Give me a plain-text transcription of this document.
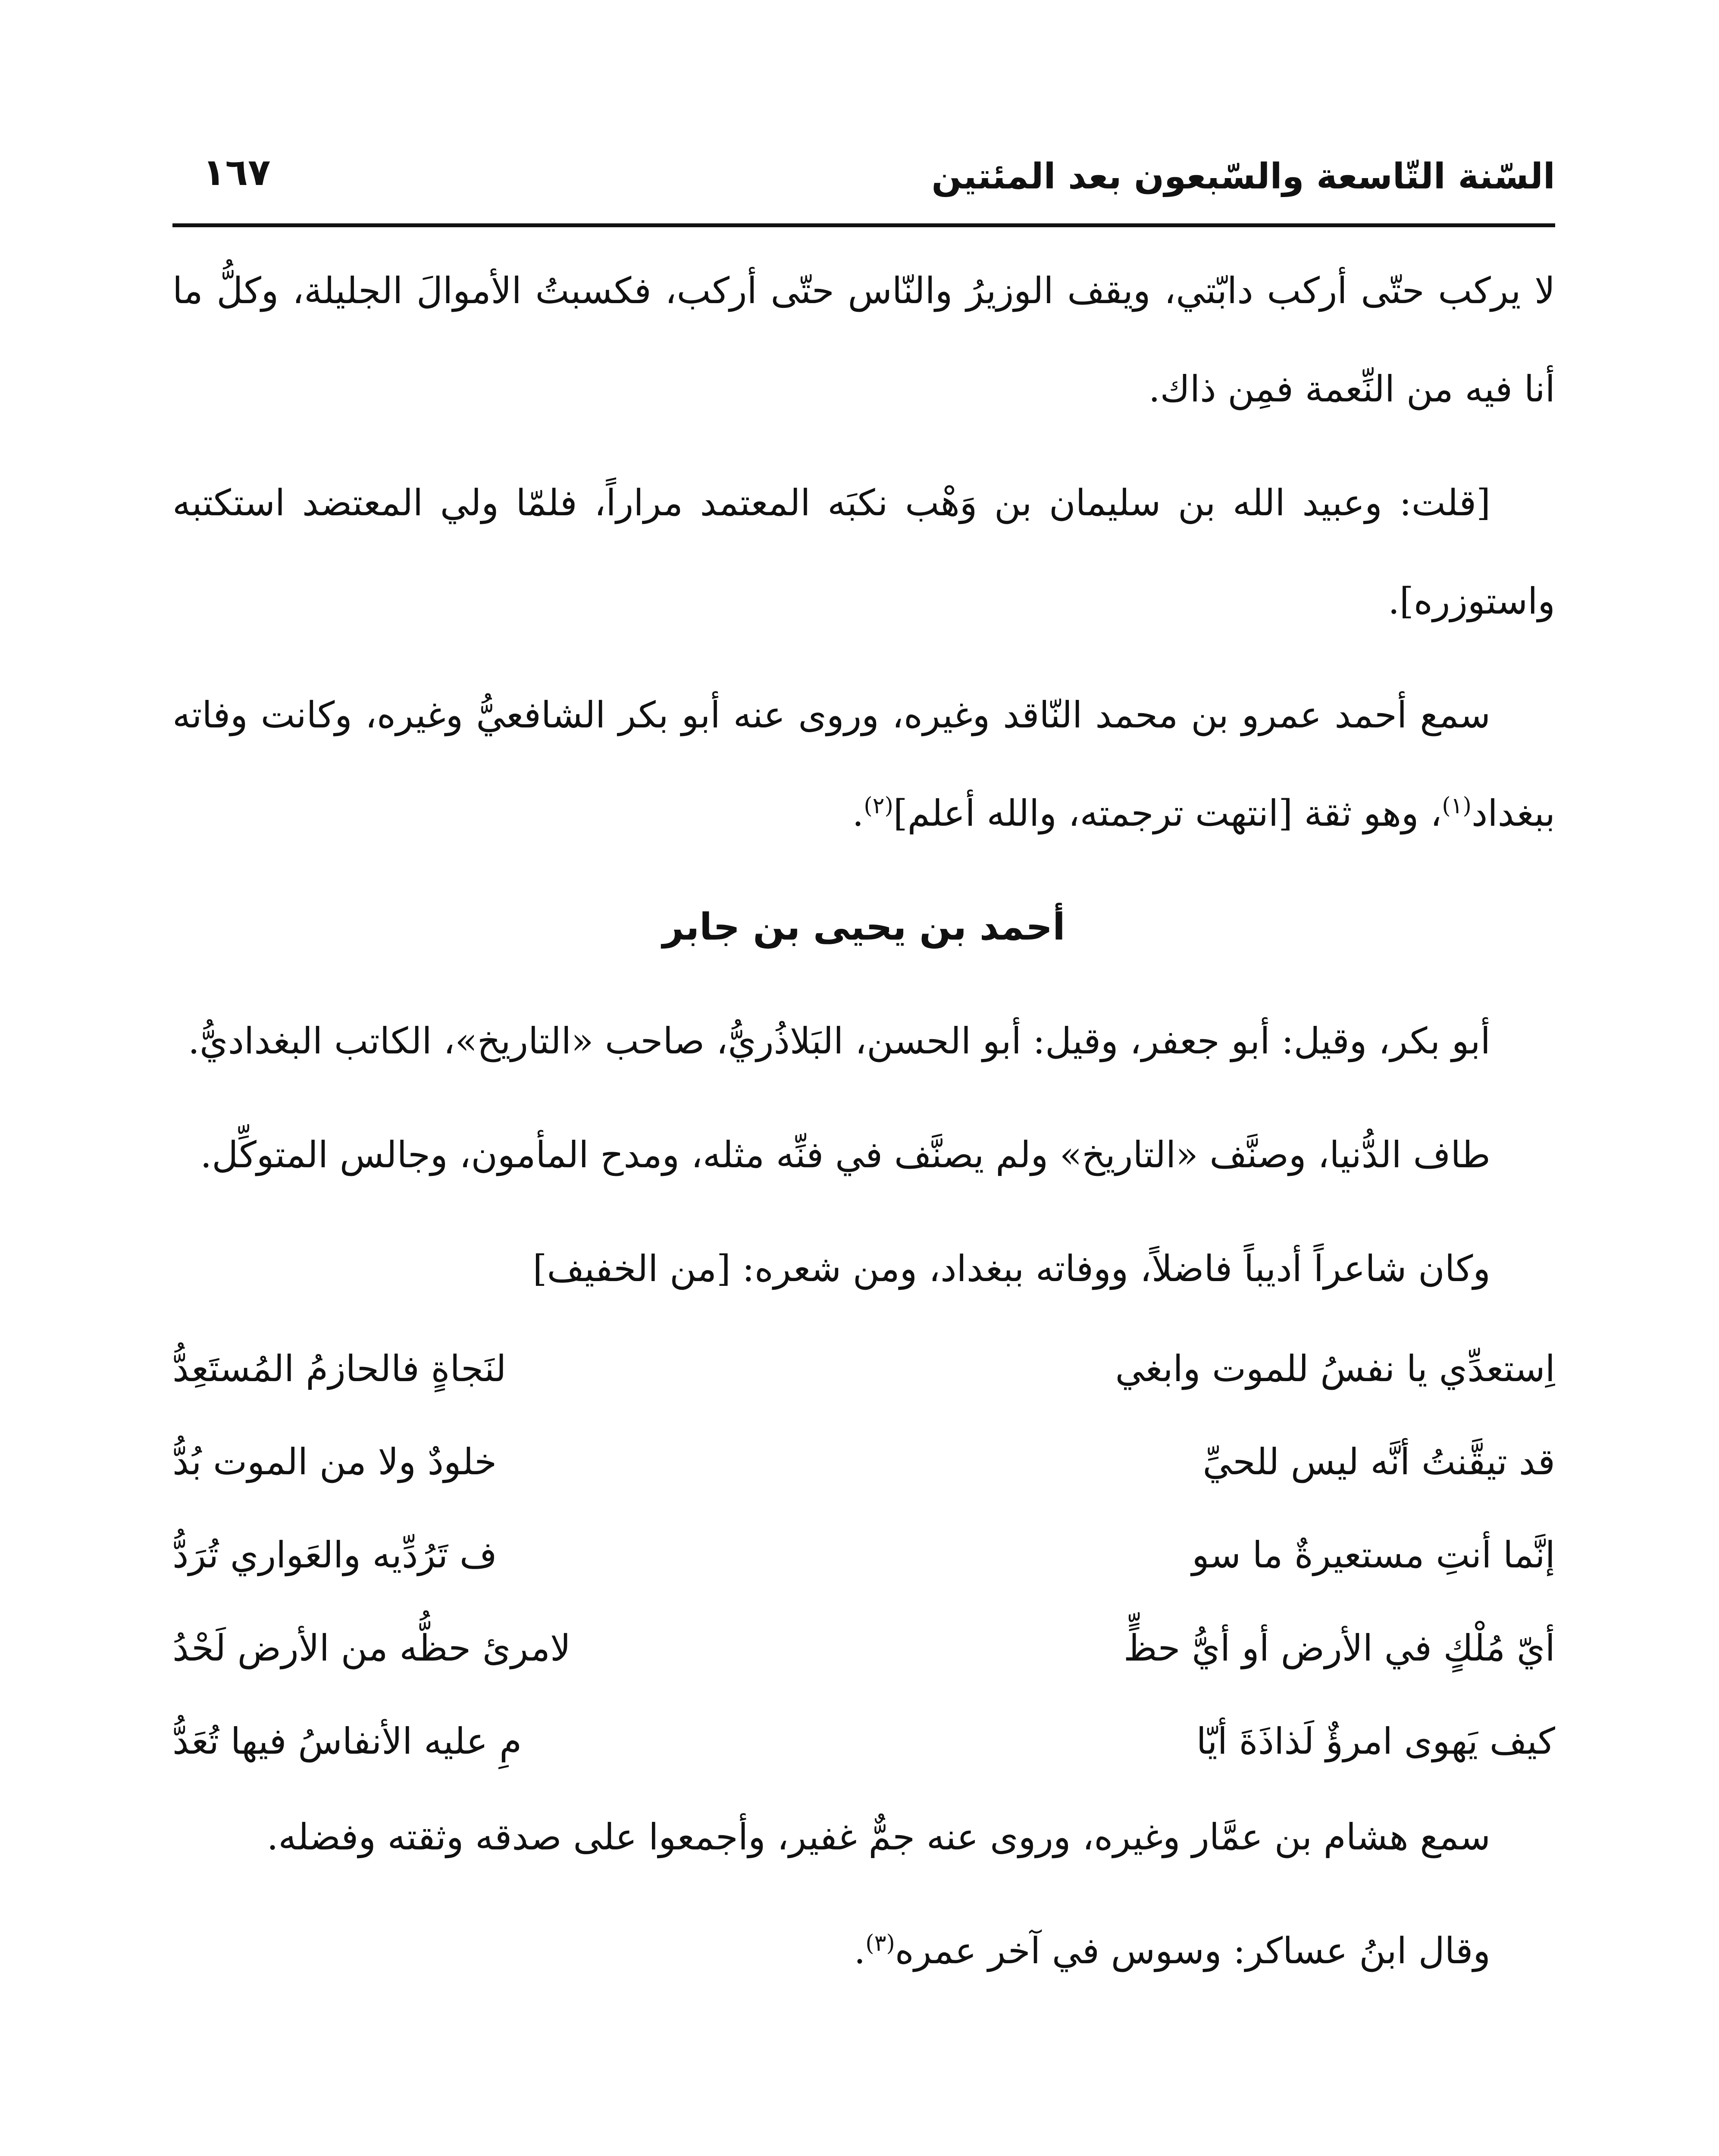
السّنة التّاسعة والسّبعون بعد المئتين
١٦٧

لا يركب حتّى أركب دابّتي، ويقف الوزيرُ والنّاس حتّى أركب، فكسبتُ الأموالَ الجليلة، وكلُّ ما أنا فيه من النِّعمة فمِن ذاك.

[قلت: وعبيد الله بن سليمان بن وَهْب نكبَه المعتمد مراراً، فلمّا ولي المعتضد استكتبه واستوزره].

سمع أحمد عمرو بن محمد النّاقد وغيره، وروى عنه أبو بكر الشافعيُّ وغيره، وكانت وفاته ببغداد$^{(١)}$، وهو ثقة [انتهت ترجمته، والله أعلم]$^{(٢)}$.

أحمد بن يحيى بن جابر

أبو بكر، وقيل: أبو جعفر، وقيل: أبو الحسن، البَلاذُريُّ، صاحب «التاريخ»، الكاتب البغداديُّ.

طاف الدُّنيا، وصنَّف «التاريخ» ولم يصنَّف في فنِّه مثله، ومدح المأمون، وجالس المتوكِّل.

وكان شاعراً أديباً فاضلاً، ووفاته ببغداد، ومن شعره: [من الخفيف]

اِستعدِّي يا نفسُ للموت وابغي
لنَجاةٍ فالحازمُ المُستَعِدُّ
قد تيقَّنتُ أنَّه ليس للحيِّ
خلودٌ ولا من الموت بُدُّ
إنَّما أنتِ مستعيرةٌ ما سو
ف تَرُدِّيه والعَواري تُرَدُّ
أيّ مُلْكٍ في الأرض أو أيُّ حظٍّ
لامرئ حظُّه من الأرض لَحْدُ
كيف يَهوى امرؤٌ لَذاذَةَ أيّا
مِ عليه الأنفاسُ فيها تُعَدُّ

سمع هشام بن عمَّار وغيره، وروى عنه جمٌّ غفير، وأجمعوا على صدقه وثقته وفضله.

وقال ابنُ عساكر: وسوس في آخر عمره$^{(٣)}$.
